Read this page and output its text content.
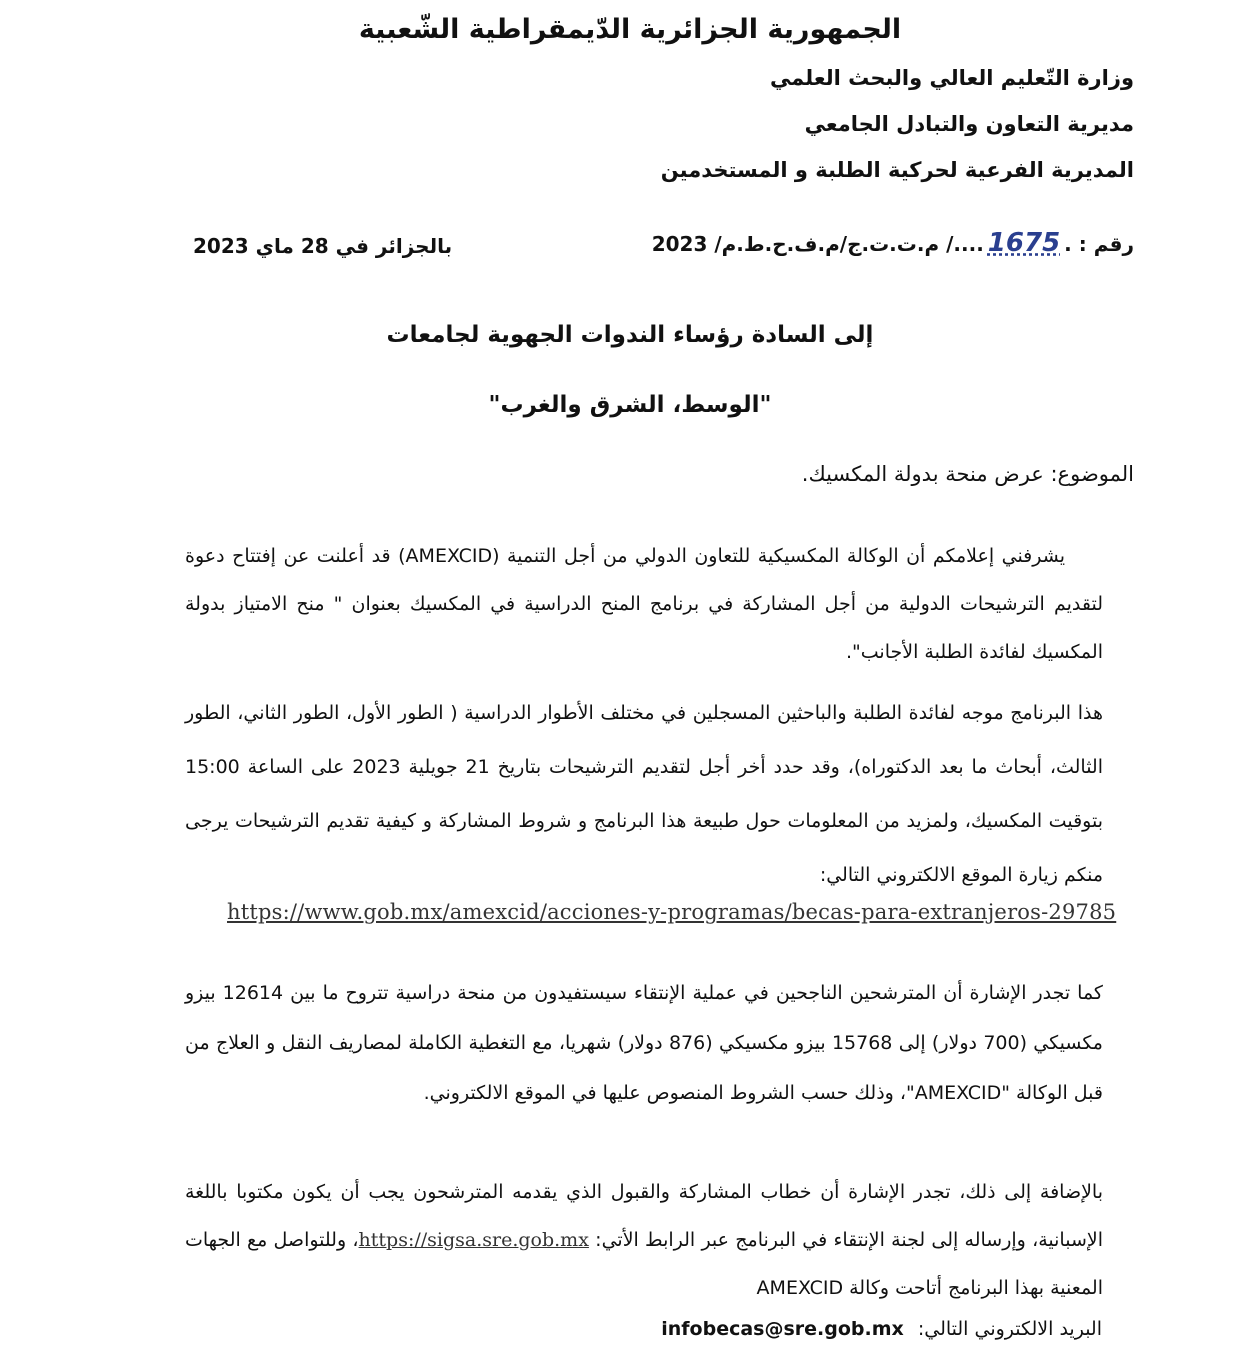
الجمهورية الجزائرية الدّيمقراطية الشّعبية
وزارة التّعليم العالي والبحث العلمي
مديرية التعاون والتبادل الجامعي
المديرية الفرعية لحركية الطلبة و المستخدمين
رقم : .1675..../ م.ت.ت.ج/م.ف.ح.ط.م/ 2023
بالجزائر في 28 ماي 2023
إلى السادة رؤساء الندوات الجهوية لجامعات
"الوسط، الشرق والغرب"
الموضوع: عرض منحة بدولة المكسيك.
يشرفني إعلامكم أن الوكالة المكسيكية للتعاون الدولي من أجل التنمية (AMEXCID) قد أعلنت عن إفتتاح دعوة لتقديم الترشيحات الدولية من أجل المشاركة في برنامج المنح الدراسية في المكسيك بعنوان " منح الامتياز بدولة المكسيك لفائدة الطلبة الأجانب".
هذا البرنامج موجه لفائدة الطلبة والباحثين المسجلين في مختلف الأطوار الدراسية ( الطور الأول، الطور الثاني، الطور الثالث، أبحاث ما بعد الدكتوراه)، وقد حدد أخر أجل لتقديم الترشيحات بتاريخ 21 جويلية 2023 على الساعة 15:00 بتوقيت المكسيك، ولمزيد من المعلومات حول طبيعة هذا البرنامج و شروط المشاركة و كيفية تقديم الترشيحات يرجى منكم زيارة الموقع الالكتروني التالي:
https://www.gob.mx/amexcid/acciones-y-programas/becas-para-extranjeros-29785
كما تجدر الإشارة أن المترشحين الناجحين في عملية الإنتقاء سيستفيدون من منحة دراسية تتروح ما بين 12614 بيزو مكسيكي (700 دولار) إلى 15768 بيزو مكسيكي (876 دولار) شهريا، مع التغطية الكاملة لمصاريف النقل و العلاج من قبل الوكالة "AMEXCID"، وذلك حسب الشروط المنصوص عليها في الموقع الالكتروني.
بالإضافة إلى ذلك، تجدر الإشارة أن خطاب المشاركة والقبول الذي يقدمه المترشحون يجب أن يكون مكتوبا باللغة الإسبانية، وإرساله إلى لجنة الإنتقاء في البرنامج عبر الرابط الأتي: https://sigsa.sre.gob.mx، وللتواصل مع الجهات المعنية بهذا البرنامج أتاحت وكالة AMEXCID
البريد الالكتروني التالي: infobecas@sre.gob.mx
